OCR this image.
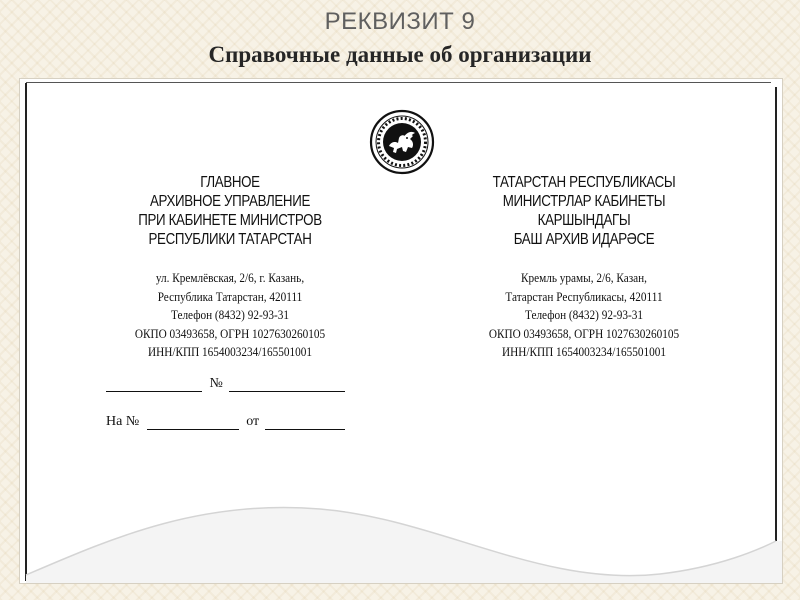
РЕКВИЗИТ 9
Справочные данные об организации
ГЛАВНОЕ
АРХИВНОЕ УПРАВЛЕНИЕ
ПРИ КАБИНЕТЕ МИНИСТРОВ
РЕСПУБЛИКИ ТАТАРСТАН
ТАТАРСТАН РЕСПУБЛИКАСЫ
МИНИСТРЛАР КАБИНЕТЫ
КАРШЫНДАГЫ
БАШ АРХИВ ИДАРӘСЕ
ул. Кремлёвская, 2/6, г. Казань,
Республика Татарстан, 420111
Телефон (8432) 92-93-31
ОКПО 03493658, ОГРН 1027630260105
ИНН/КПП 1654003234/165501001
Кремль урамы, 2/6, Казан,
Татарстан Республикасы, 420111
Телефон (8432) 92-93-31
ОКПО 03493658, ОГРН 1027630260105
ИНН/КПП 1654003234/165501001
№
На №	от
